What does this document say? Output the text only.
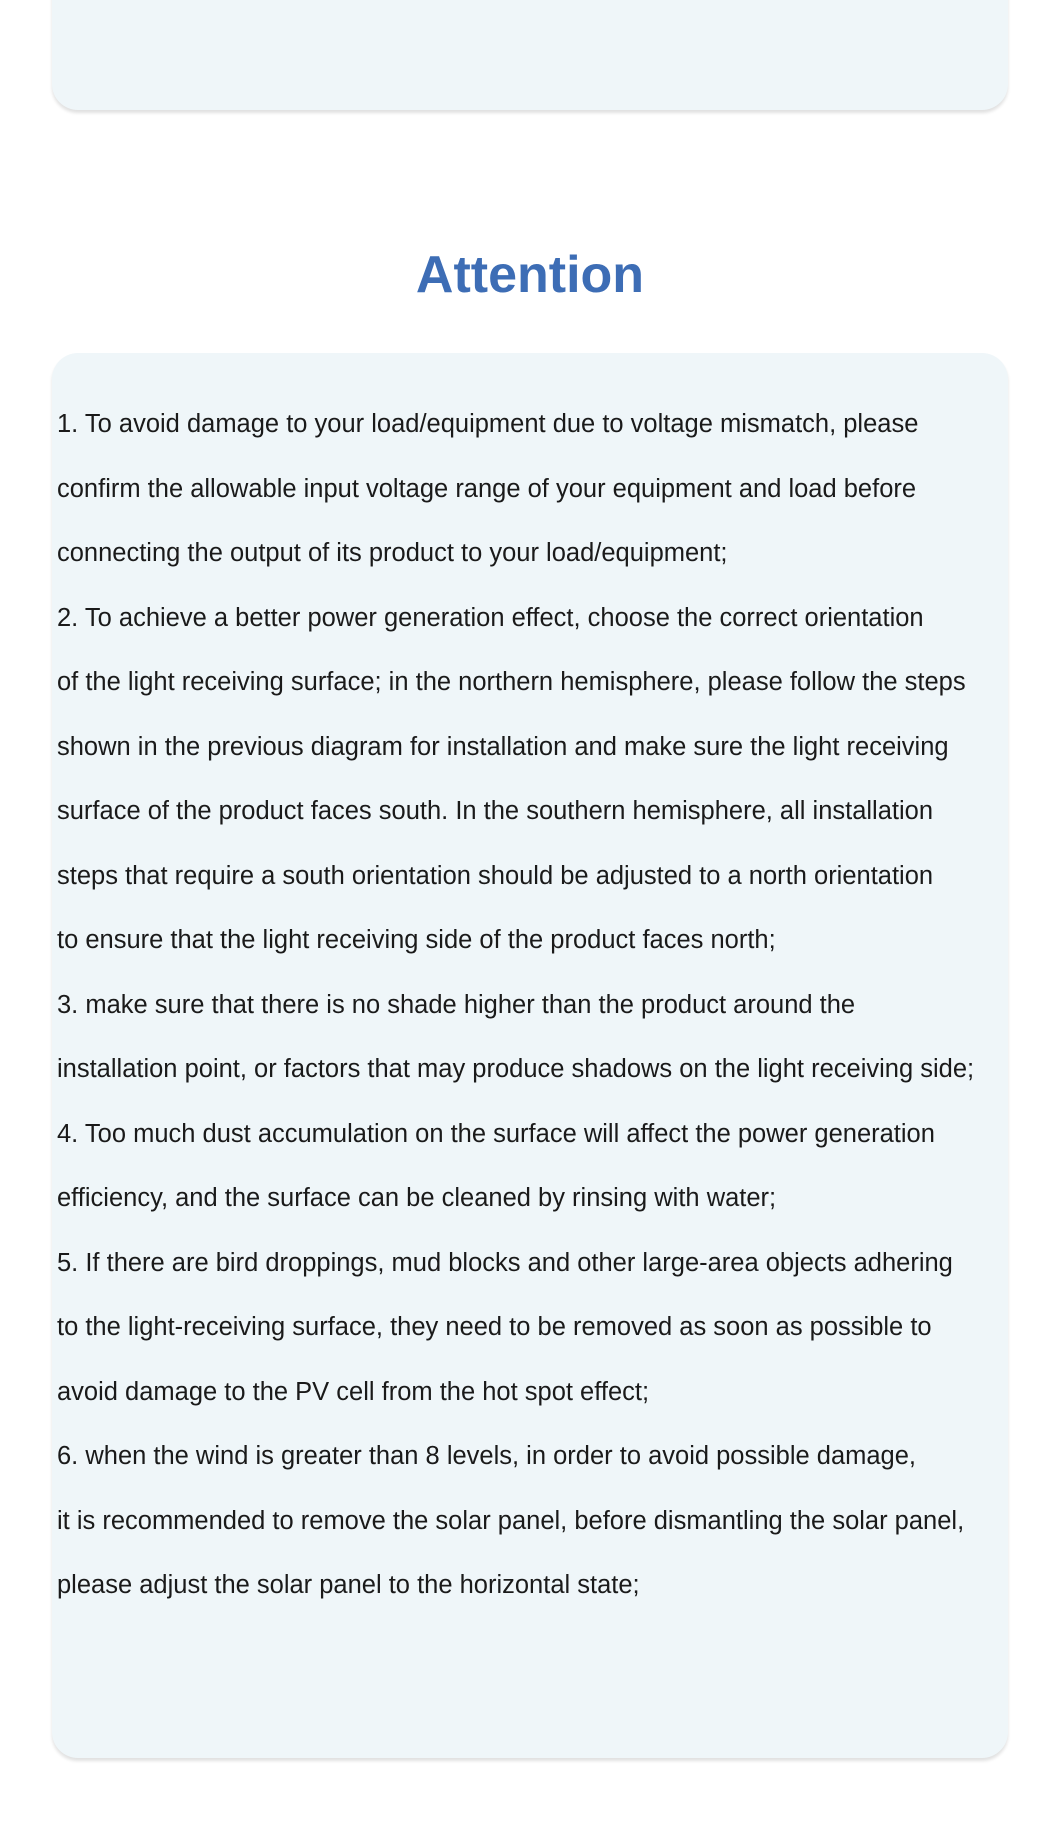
Attention
1. To avoid damage to your load/equipment due to voltage mismatch, please
confirm the allowable input voltage range of your equipment and load before
connecting the output of its product to your load/equipment;
2. To achieve a better power generation effect, choose the correct orientation
of the light receiving surface; in the northern hemisphere, please follow the steps
shown in the previous diagram for installation and make sure the light receiving
surface of the product faces south. In the southern hemisphere, all installation
steps that require a south orientation should be adjusted to a north orientation
to ensure that the light receiving side of the product faces north;
3. make sure that there is no shade higher than the product around the
installation point, or factors that may produce shadows on the light receiving side;
4. Too much dust accumulation on the surface will affect the power generation
efficiency, and the surface can be cleaned by rinsing with water;
5. If there are bird droppings, mud blocks and other large-area objects adhering
to the light-receiving surface, they need to be removed as soon as possible to
avoid damage to the PV cell from the hot spot effect;
6. when the wind is greater than 8 levels, in order to avoid possible damage,
it is recommended to remove the solar panel, before dismantling the solar panel,
please adjust the solar panel to the horizontal state;
